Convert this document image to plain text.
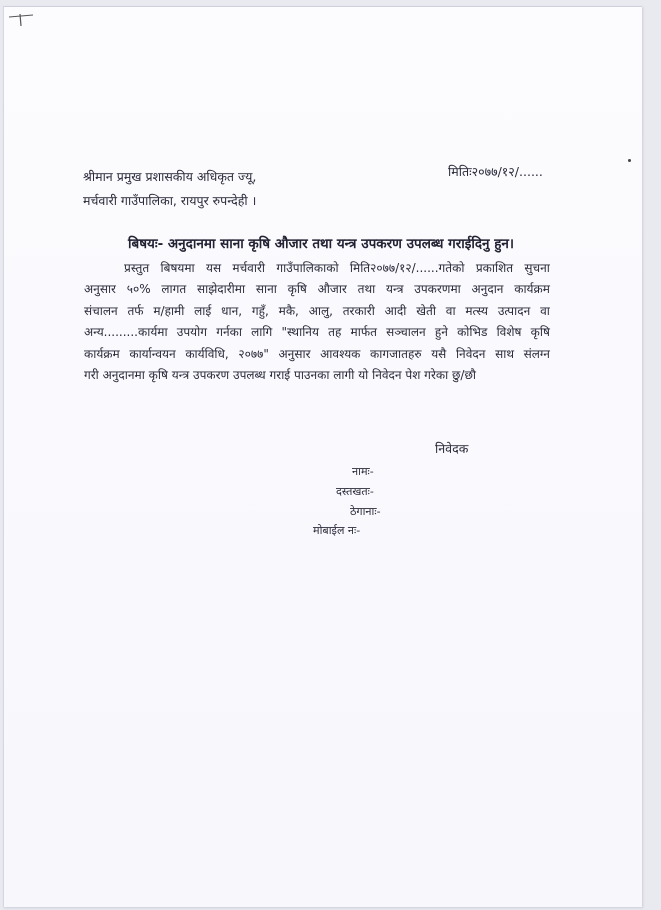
मितिः२०७७/१२/......
श्रीमान प्रमुख प्रशासकीय अधिकृत ज्यू,
मर्चवारी गाउँपालिका, रायपुर रुपन्देही ।
बिषयः- अनुदानमा साना कृषि औजार तथा यन्त्र उपकरण उपलब्ध गराईदिनु हुन।
प्रस्तुत बिषयमा यस मर्चवारी गाउँपालिकाको मिति२०७७/१२/......गतेको प्रकाशित सुचना
अनुसार ५०% लागत साझेदारीमा साना कृषि औजार तथा यन्त्र उपकरणमा अनुदान कार्यक्रम
संचालन तर्फ म/हामी लाई धान, गहुँ, मकै, आलु, तरकारी आदी खेती वा मत्स्य उत्पादन वा
अन्य.........कार्यमा उपयोग गर्नका लागि "स्थानिय तह मार्फत सञ्चालन हुने कोभिड विशेष कृषि
कार्यक्रम कार्यान्वयन कार्यविधि, २०७७" अनुसार आवश्यक कागजातहरु यसै निवेदन साथ संलग्न
गरी अनुदानमा कृषि यन्त्र उपकरण उपलब्ध गराई पाउनका लागी यो निवेदन पेश गरेका छु/छौ
निवेदक
नामः-
दस्तखतः-
ठेगानाः-
मोबाईल नः-
